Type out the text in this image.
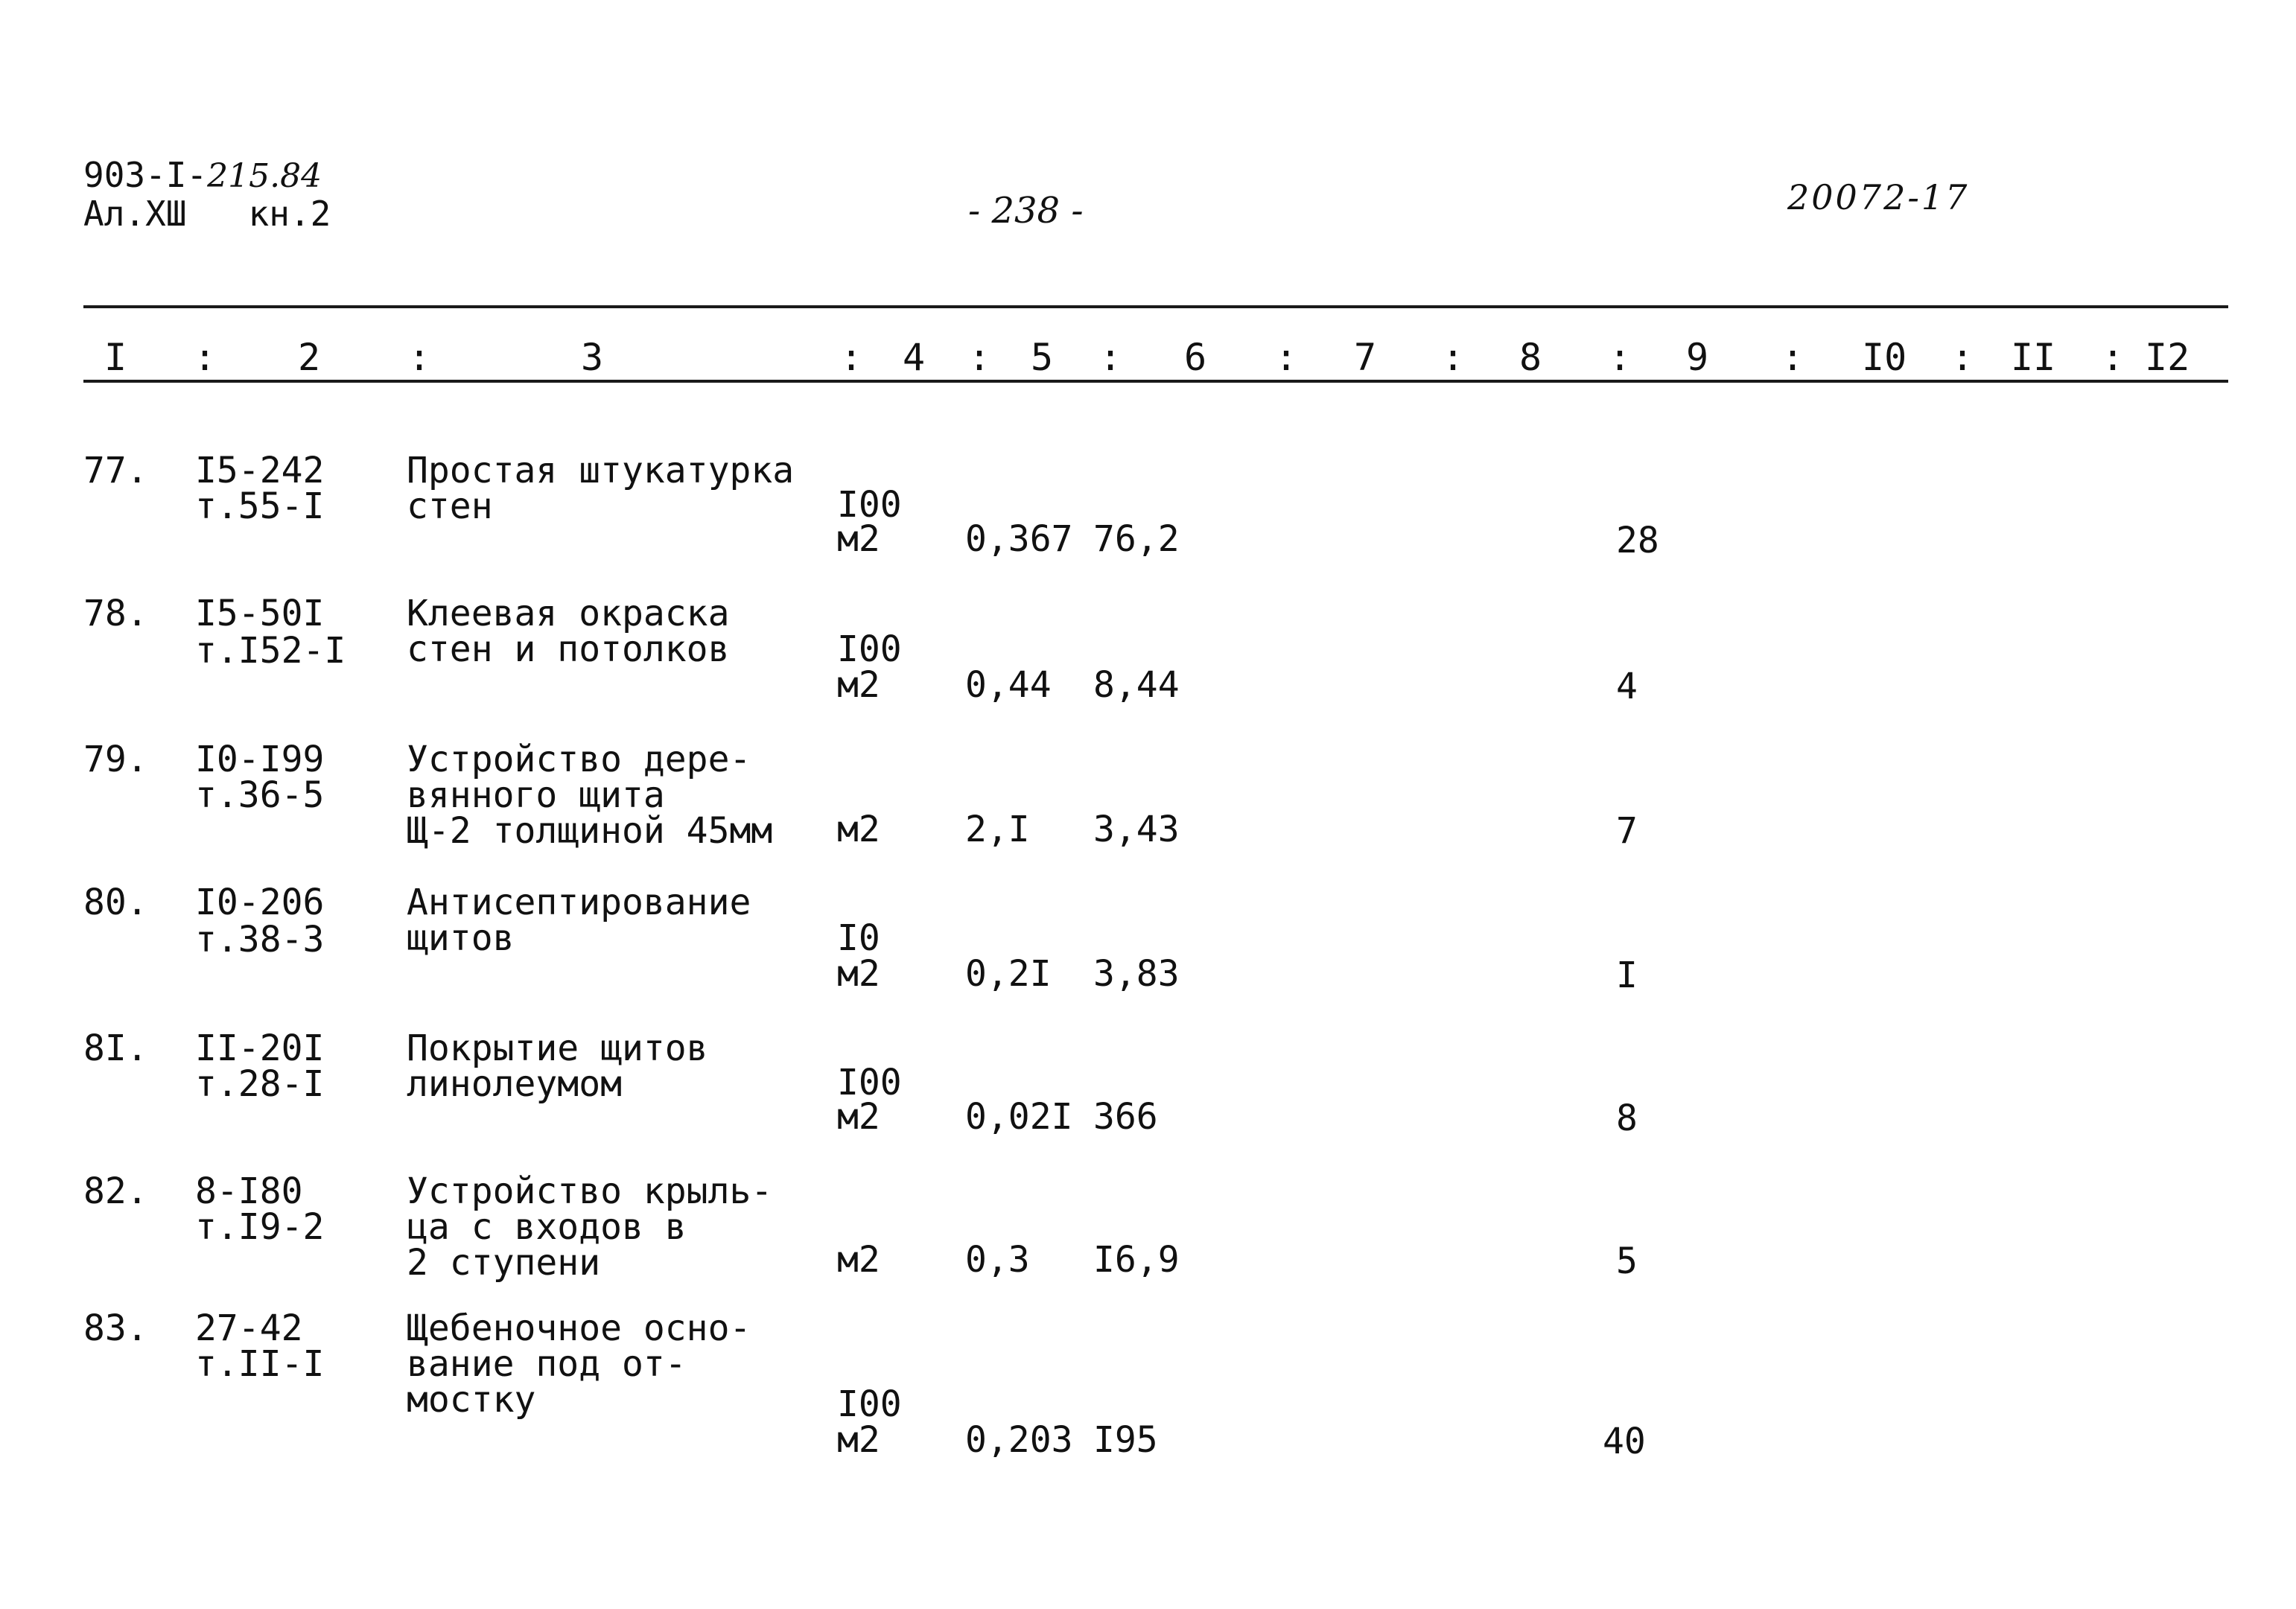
903-I-215.84
Ал.XШ   кн.2	- 238 -	20072-17
I : 2 :	3	: 4 : 5 : 6 : 7 : 8 : 9 : I0 : II : I2
77. I5-242
т.55-I
Простая штукатурка
стен	I00
м2 0,367 76,2	28
78. I5-50I
т.I52-I
Клеевая окраска
стен и потолков	I00
м2 0,44 8,44	4
79. I0-I99
т.36-5
Устройство дере-
вянного щита
Щ-2 толщиной 45мм м2 2,I 3,43	7
80. I0-206
т.38-3
Антисептирование
щитов	I0
м2 0,2I 3,83	I
8I. II-20I
т.28-I
Покрытие щитов
линолеумом	I00
м2 0,02I 366	8
82. 8-I80
т.I9-2
Устройство крыль-
ца с входов в
2 ступени	м2 0,3 I6,9	5
83. 27-42
т.II-I
Щебеночное осно-
вание под от-
мостку	I00
м2 0,203 I95	40
